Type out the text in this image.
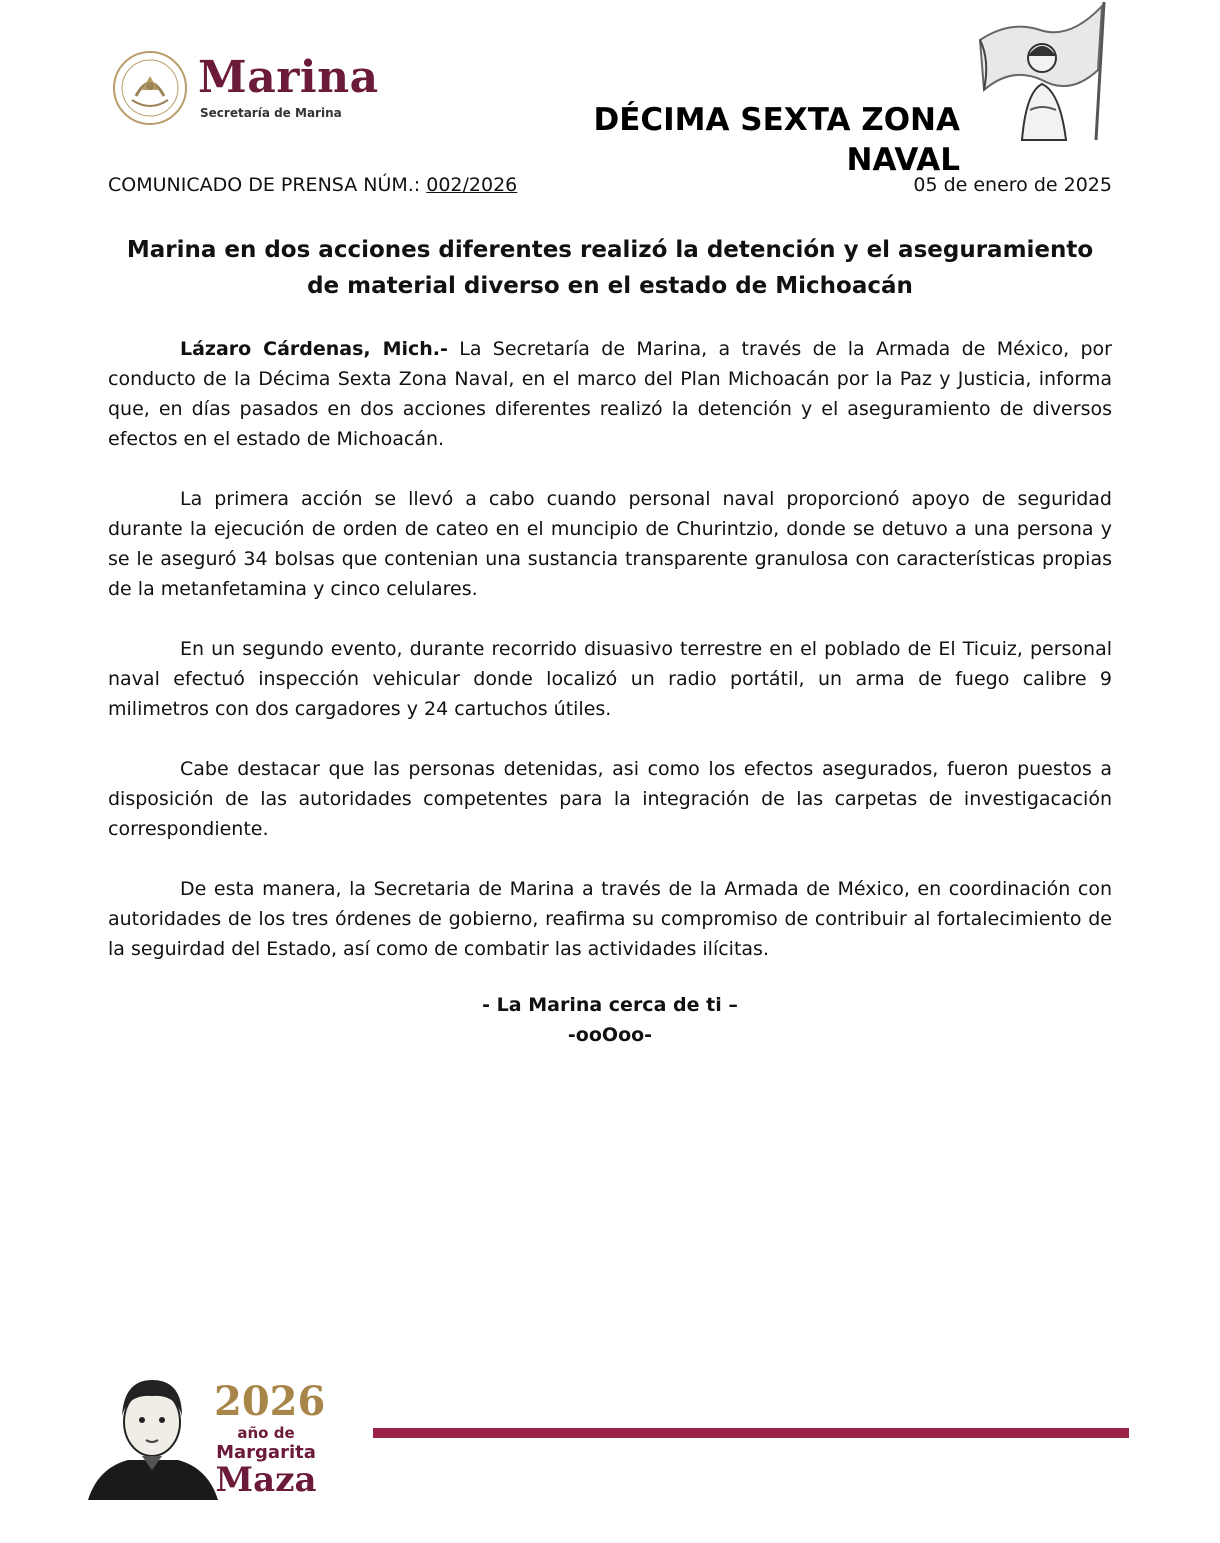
Marina
Secretaría de Marina	DÉCIMA SEXTA ZONA NAVAL
COMUNICADO DE PRENSA NÚM.: 002/2026	05 de enero de 2025
Marina en dos acciones diferentes realizó la detención y el aseguramiento de material diverso en el estado de Michoacán

Lázaro Cárdenas, Mich.- La Secretaría de Marina, a través de la Armada de México, por conducto de la Décima Sexta Zona Naval, en el marco del Plan Michoacán por la Paz y Justicia, informa que, en días pasados en dos acciones diferentes realizó la detención y el aseguramiento de diversos efectos en el estado de Michoacán.

La primera acción se llevó a cabo cuando personal naval proporcionó apoyo de seguridad durante la ejecución de orden de cateo en el muncipio de Churintzio, donde se detuvo a una persona y se le aseguró 34 bolsas que contenian una sustancia transparente granulosa con características propias de la metanfetamina y cinco celulares.

En un segundo evento, durante recorrido disuasivo terrestre en el poblado de El Ticuiz, personal naval efectuó inspección vehicular donde localizó un radio portátil, un arma de fuego calibre 9 milimetros con dos cargadores y 24 cartuchos útiles.

Cabe destacar que las personas detenidas, asi como los efectos asegurados, fueron puestos a disposición de las autoridades competentes para la integración de las carpetas de investigacación correspondiente.

De esta manera, la Secretaria de Marina a través de la Armada de México, en coordinación con autoridades de los tres órdenes de gobierno, reafirma su compromiso de contribuir al fortalecimiento de la seguirdad del Estado, así como de combatir las actividades ilícitas.

- La Marina cerca de ti –
-ooOoo-
2026
año de
Margarita
Maza
